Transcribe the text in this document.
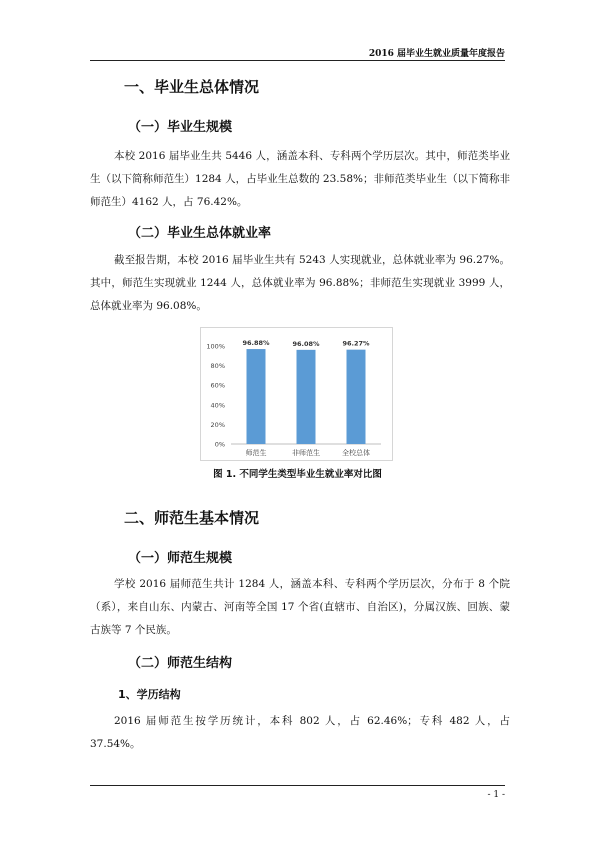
2016 届毕业生就业质量年度报告
一、毕业生总体情况
（一）毕业生规模
本校 2016 届毕业生共 5446 人，涵盖本科、专科两个学历层次。其中，师范类毕业生（以下简称师范生）1284 人，占毕业生总数的 23.58%；非师范类毕业生（以下简称非师范生）4162 人，占 76.42%。
（二）毕业生总体就业率
截至报告期，本校 2016 届毕业生共有 5243 人实现就业，总体就业率为 96.27%。其中，师范生实现就业 1244 人，总体就业率为 96.88%；非师范生实现就业 3999 人，总体就业率为 96.08%。
0%
20%
40%
60%
80%
100%	96.88%
师范生
96.08%
非师范生
96.27%
全校总体
图 1. 不同学生类型毕业生就业率对比图
二、师范生基本情况
（一）师范生规模
学校 2016 届师范生共计 1284 人，涵盖本科、专科两个学历层次，分布于 8 个院（系），来自山东、内蒙古、河南等全国 17 个省(直辖市、自治区)，分属汉族、回族、蒙古族等 7 个民族。
（二）师范生结构
1、学历结构
2016 届师范生按学历统计，本科 802 人，占 62.46%；专科 482 人，占 37.54%。
- 1 -
